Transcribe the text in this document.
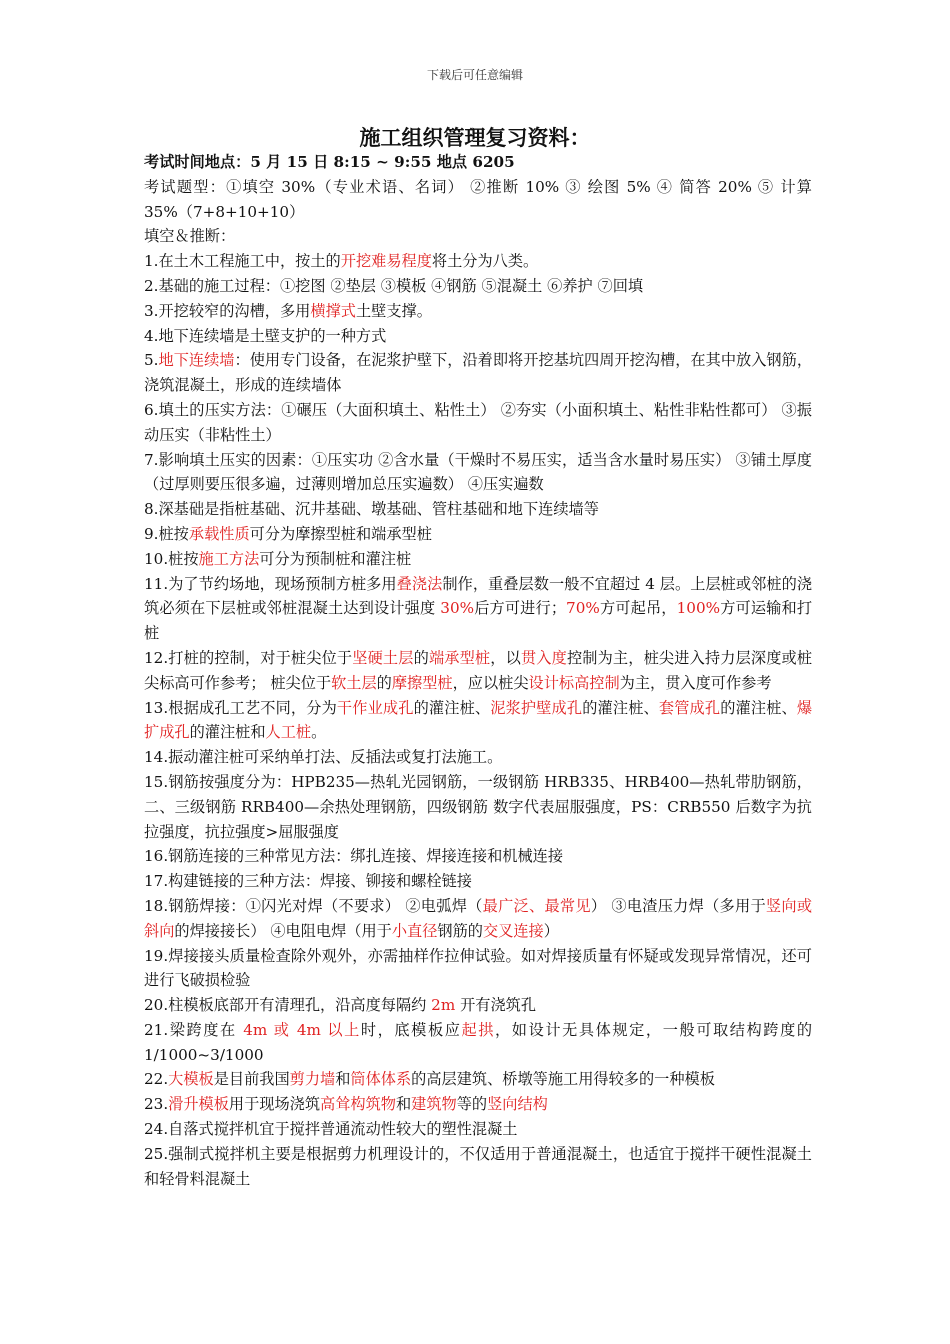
下载后可任意编辑
施工组织管理复习资料：

考试时间地点：5 月 15 日 8:15 ~ 9:55 地点 6205

考试题型：①填空 30%（专业术语、名词） ②推断 10% ③ 绘图 5% ④ 简答 20% ⑤ 计算 35%（7+8+10+10）

填空＆推断：

1.在土木工程施工中，按土的开挖难易程度将土分为八类。

2.基础的施工过程：①挖图 ②垫层 ③模板 ④钢筋 ⑤混凝土 ⑥养护 ⑦回填

3.开挖较窄的沟槽，多用横撑式土壁支撑。

4.地下连续墙是土壁支护的一种方式

5.地下连续墙：使用专门设备，在泥浆护壁下，沿着即将开挖基坑四周开挖沟槽，在其中放入钢筋，浇筑混凝土，形成的连续墙体

6.填土的压实方法：①碾压（大面积填土、粘性土） ②夯实（小面积填土、粘性非粘性都可） ③振动压实（非粘性土）

7.影响填土压实的因素：①压实功 ②含水量（干燥时不易压实，适当含水量时易压实） ③铺土厚度（过厚则要压很多遍，过薄则增加总压实遍数） ④压实遍数

8.深基础是指桩基础、沉井基础、墩基础、管柱基础和地下连续墙等

9.桩按承载性质可分为摩擦型桩和端承型桩

10.桩按施工方法可分为预制桩和灌注桩

11.为了节约场地，现场预制方桩多用叠浇法制作，重叠层数一般不宜超过 4 层。上层桩或邻桩的浇筑必须在下层桩或邻桩混凝土达到设计强度 30%后方可进行；70%方可起吊，100%方可运输和打桩

12.打桩的控制，对于桩尖位于坚硬土层的端承型桩，以贯入度控制为主，桩尖进入持力层深度或桩尖标高可作参考； 桩尖位于软土层的摩擦型桩，应以桩尖设计标高控制为主，贯入度可作参考

13.根据成孔工艺不同，分为干作业成孔的灌注桩、泥浆护壁成孔的灌注桩、套管成孔的灌注桩、爆扩成孔的灌注桩和人工桩。

14.振动灌注桩可采纳单打法、反插法或复打法施工。

15.钢筋按强度分为：HPB235—热轧光园钢筋，一级钢筋 HRB335、HRB400—热轧带肋钢筋，二、三级钢筋 RRB400—余热处理钢筋，四级钢筋 数字代表屈服强度，PS：CRB550 后数字为抗拉强度，抗拉强度>屈服强度

16.钢筋连接的三种常见方法：绑扎连接、焊接连接和机械连接

17.构建链接的三种方法：焊接、铆接和螺栓链接

18.钢筋焊接：①闪光对焊（不要求） ②电弧焊（最广泛、最常见） ③电渣压力焊（多用于竖向或斜向的焊接接长） ④电阻电焊（用于小直径钢筋的交叉连接）

19.焊接接头质量检查除外观外，亦需抽样作拉伸试验。如对焊接质量有怀疑或发现异常情况，还可进行飞破损检验

20.柱模板底部开有清理孔，沿高度每隔约 2m 开有浇筑孔

21.梁跨度在 4m 或 4m 以上时，底模板应起拱，如设计无具体规定，一般可取结构跨度的 1/1000~3/1000

22.大模板是目前我国剪力墙和筒体体系的高层建筑、桥墩等施工用得较多的一种模板

23.滑升模板用于现场浇筑高耸构筑物和建筑物等的竖向结构

24.自落式搅拌机宜于搅拌普通流动性较大的塑性混凝土

25.强制式搅拌机主要是根据剪力机理设计的，不仅适用于普通混凝土，也适宜于搅拌干硬性混凝土和轻骨料混凝土
